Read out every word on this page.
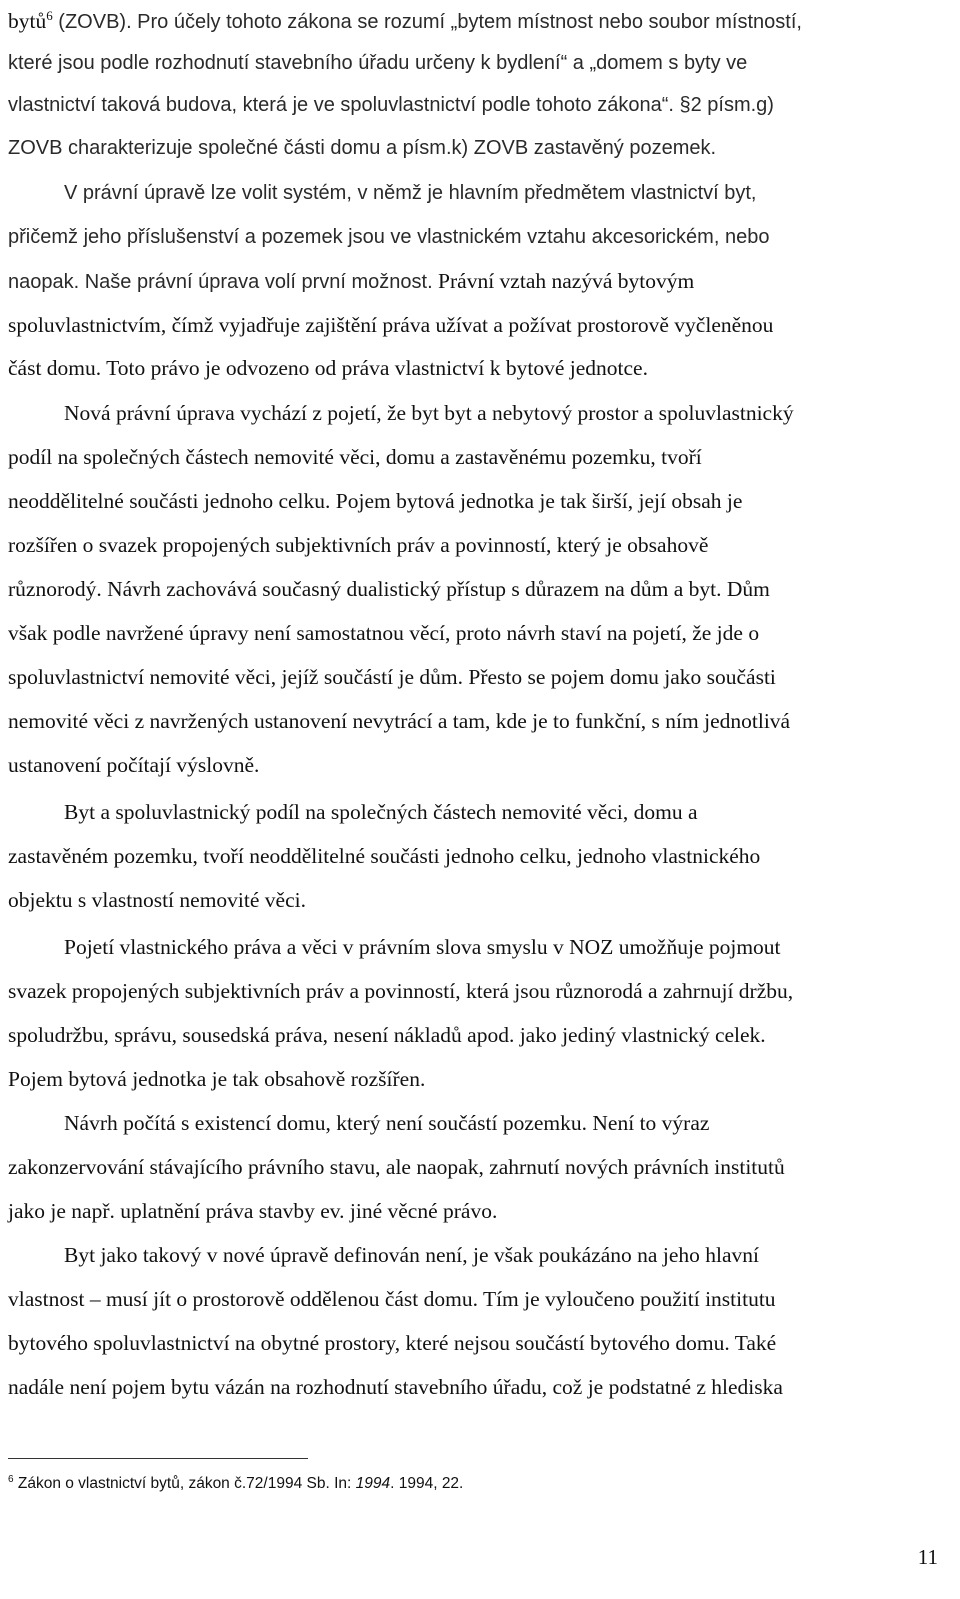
bytů$^6$ (ZOVB). Pro účely tohoto zákona se rozumí „bytem místnost nebo soubor místností,
které jsou podle rozhodnutí stavebního úřadu určeny k bydlení“ a „domem s byty ve
vlastnictví taková budova, která je ve spoluvlastnictví podle tohoto zákona“. §2 písm.g)
ZOVB charakterizuje společné části domu a písm.k) ZOVB zastavěný pozemek.
V právní úpravě lze volit systém, v němž je hlavním předmětem vlastnictví byt,
přičemž jeho příslušenství a pozemek jsou ve vlastnickém vztahu akcesorickém, nebo
naopak. Naše právní úprava volí první možnost. Právní vztah nazývá bytovým
spoluvlastnictvím, čímž vyjadřuje zajištění práva užívat a požívat prostorově vyčleněnou
část domu. Toto právo je odvozeno od práva vlastnictví k bytové jednotce.
Nová právní úprava vychází z pojetí, že byt byt a nebytový prostor a spoluvlastnický
podíl na společných částech nemovité věci, domu a zastavěnému pozemku, tvoří
neoddělitelné součásti jednoho celku. Pojem bytová jednotka je tak širší, její obsah je
rozšířen o svazek propojených subjektivních práv a povinností, který je obsahově
různorodý. Návrh zachovává současný dualistický přístup s důrazem na dům a byt. Dům
však podle navržené úpravy není samostatnou věcí, proto návrh staví na pojetí, že jde o
spoluvlastnictví nemovité věci, jejíž součástí je dům. Přesto se pojem domu jako součásti
nemovité věci z navržených ustanovení nevytrácí a tam, kde je to funkční, s ním jednotlivá
ustanovení počítají výslovně.
Byt a spoluvlastnický podíl na společných částech nemovité věci, domu a
zastavěném pozemku, tvoří neoddělitelné součásti jednoho celku, jednoho vlastnického
objektu s vlastností nemovité věci.
Pojetí vlastnického práva a věci v právním slova smyslu v NOZ umožňuje pojmout
svazek propojených subjektivních práv a povinností, která jsou různorodá a zahrnují držbu,
spoludržbu, správu, sousedská práva, nesení nákladů apod. jako jediný vlastnický celek.
Pojem bytová jednotka je tak obsahově rozšířen.
Návrh počítá s existencí domu, který není součástí pozemku. Není to výraz
zakonzervování stávajícího právního stavu, ale naopak, zahrnutí nových právních institutů
jako je např. uplatnění práva stavby ev. jiné věcné právo.
Byt jako takový v nové úpravě definován není, je však poukázáno na jeho hlavní
vlastnost – musí jít o prostorově oddělenou část domu. Tím je vyloučeno použití institutu
bytového spoluvlastnictví na obytné prostory, které nejsou součástí bytového domu. Také
nadále není pojem bytu vázán na rozhodnutí stavebního úřadu, což je podstatné z hlediska
$^6$ Zákon o vlastnictví bytů, zákon č.72/1994 Sb. In: 1994. 1994, 22.
11
